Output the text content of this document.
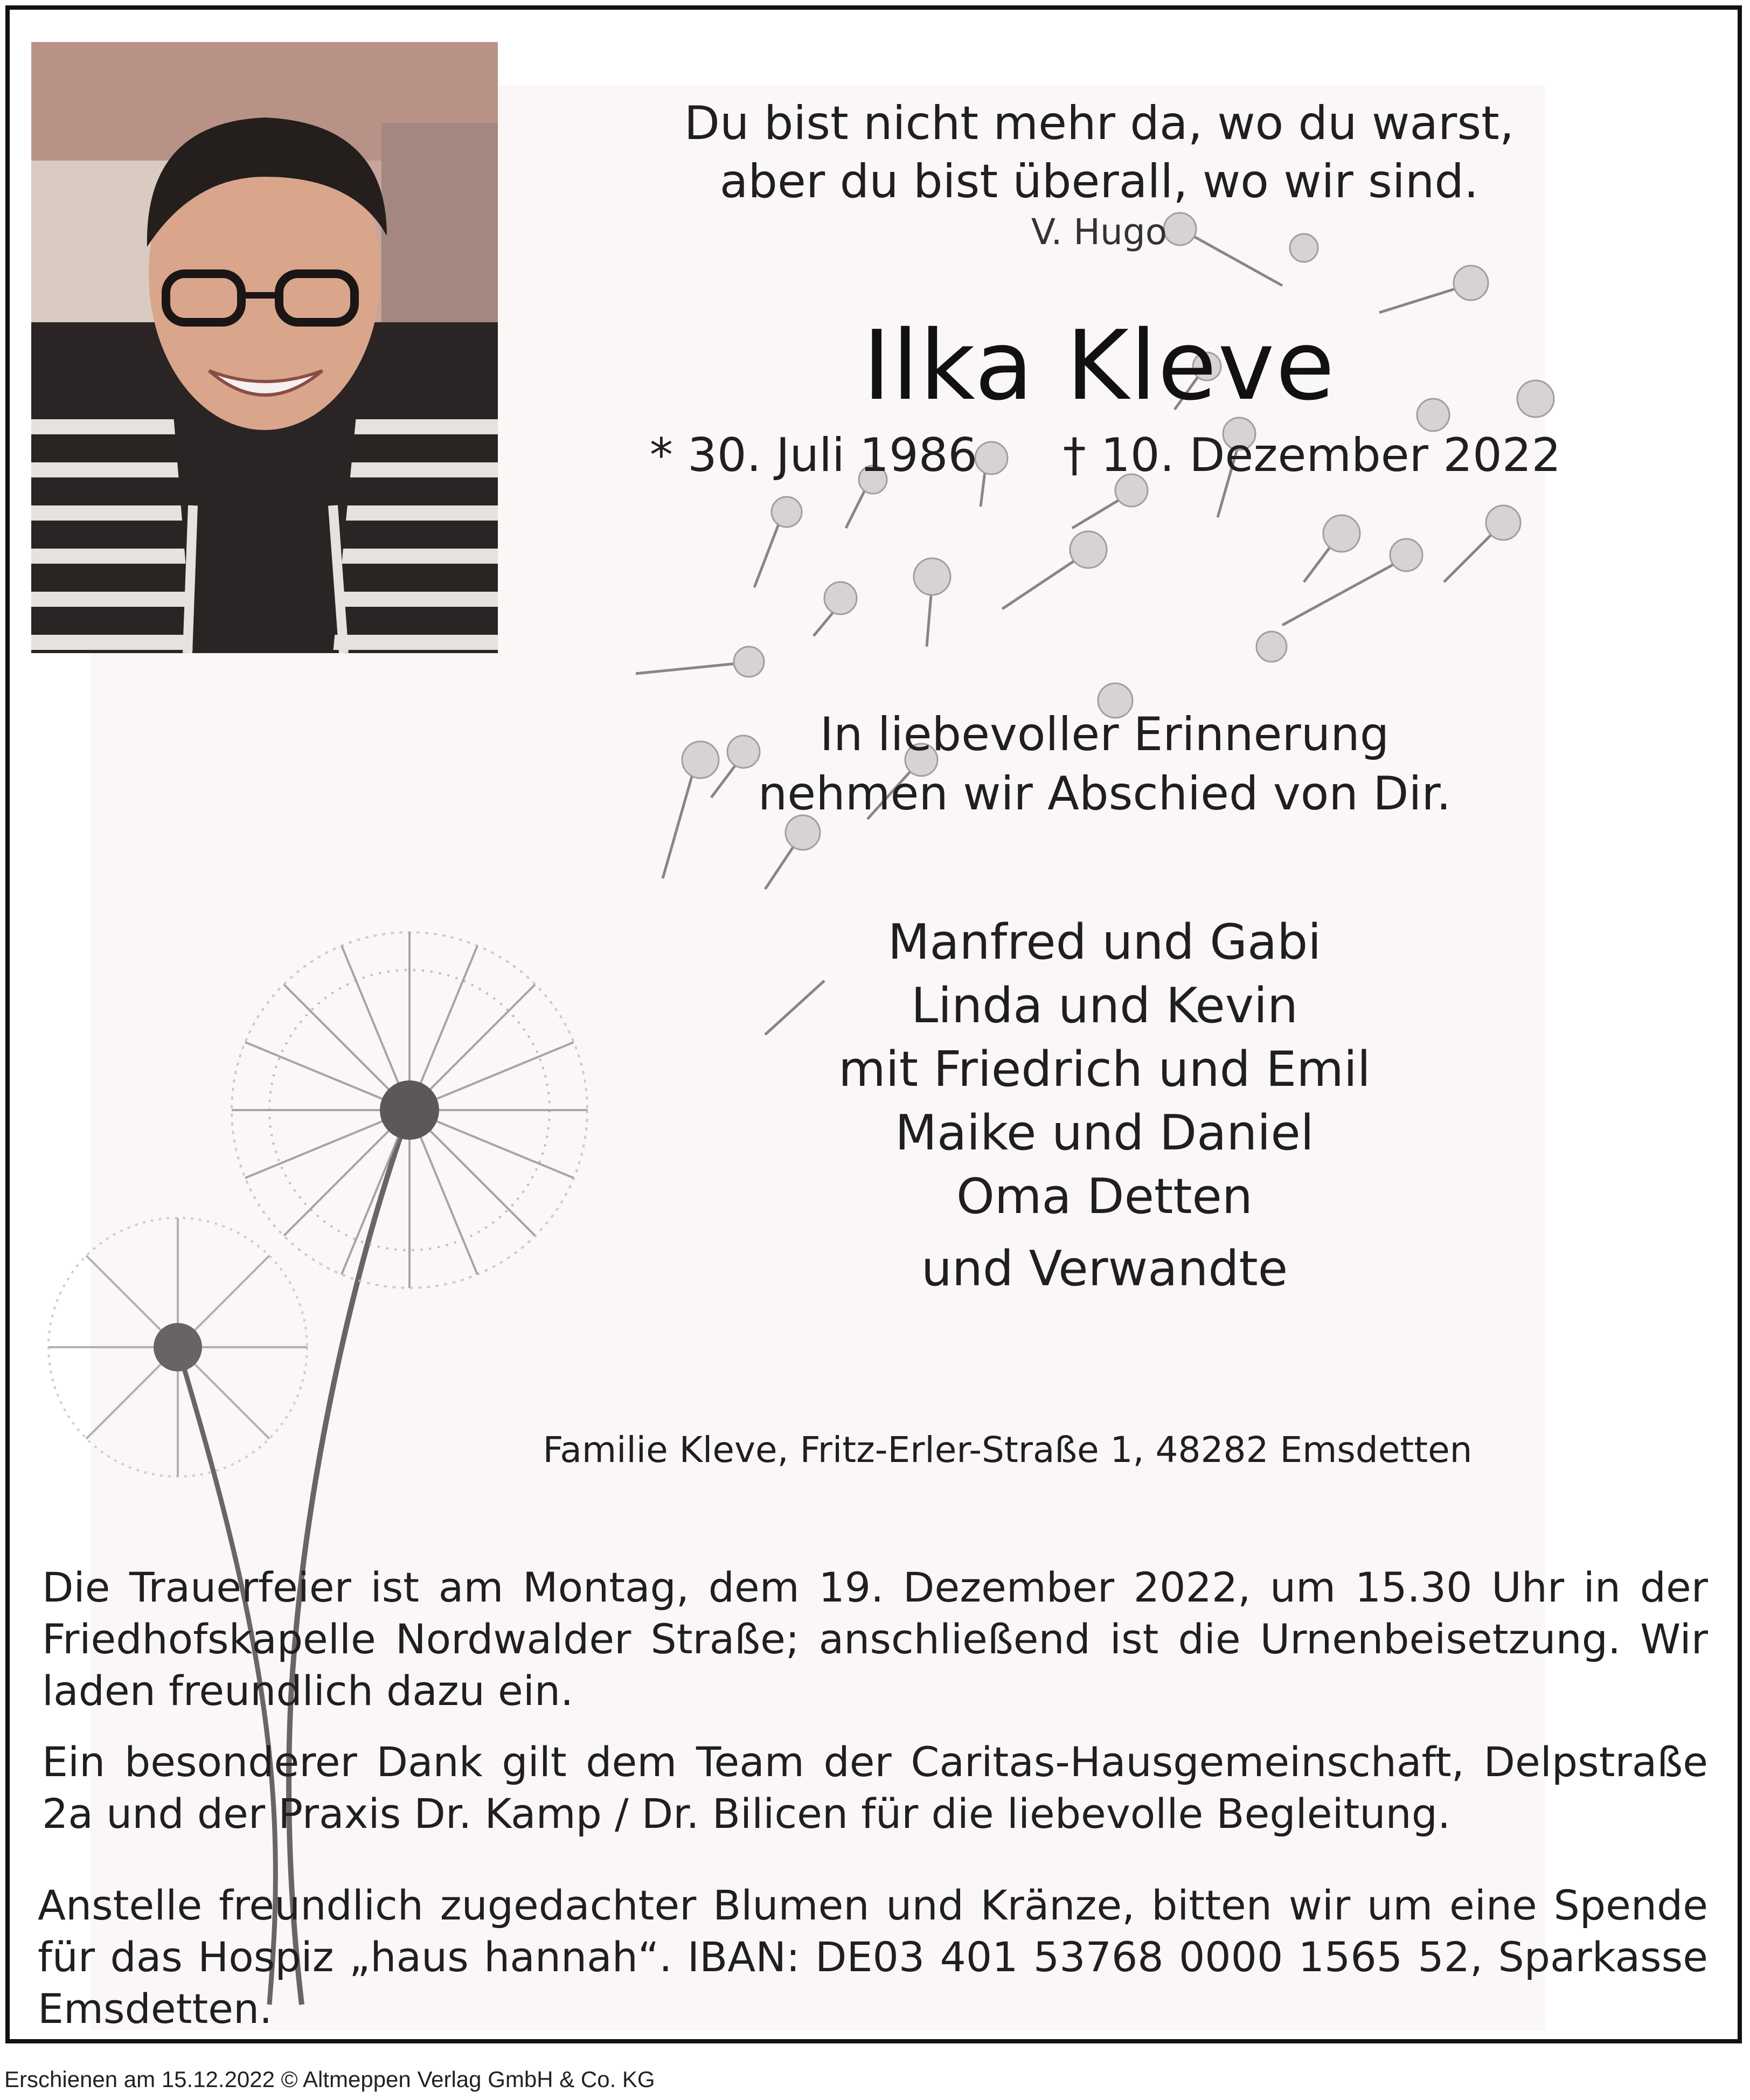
Du bist nicht mehr da, wo du warst,
aber du bist überall, wo wir sind.
V. Hugo
Ilka Kleve
* 30. Juli 1986 † 10. Dezember 2022
In liebevoller Erinnerung
nehmen wir Abschied von Dir.
Manfred und Gabi
Linda und Kevin
mit Friedrich und Emil
Maike und Daniel
Oma Detten
und Verwandte
Familie Kleve, Fritz-Erler-Straße 1, 48282 Emsdetten
Die Trauerfeier ist am Montag, dem 19. Dezember 2022, um 15.30 Uhr in der Friedhofskapelle Nordwalder Straße; anschließend ist die Urnenbeisetzung. Wir laden freundlich dazu ein.
Ein besonderer Dank gilt dem Team der Caritas-Hausgemeinschaft, Delpstraße 2a und der Praxis Dr. Kamp / Dr. Bilicen für die liebevolle Begleitung.
Anstelle freundlich zugedachter Blumen und Kränze, bitten wir um eine Spende für das Hospiz „haus hannah“. IBAN: DE03 401 53768 0000 1565 52, Sparkasse Emsdetten.
Erschienen am 15.12.2022 © Altmeppen Verlag GmbH & Co. KG
